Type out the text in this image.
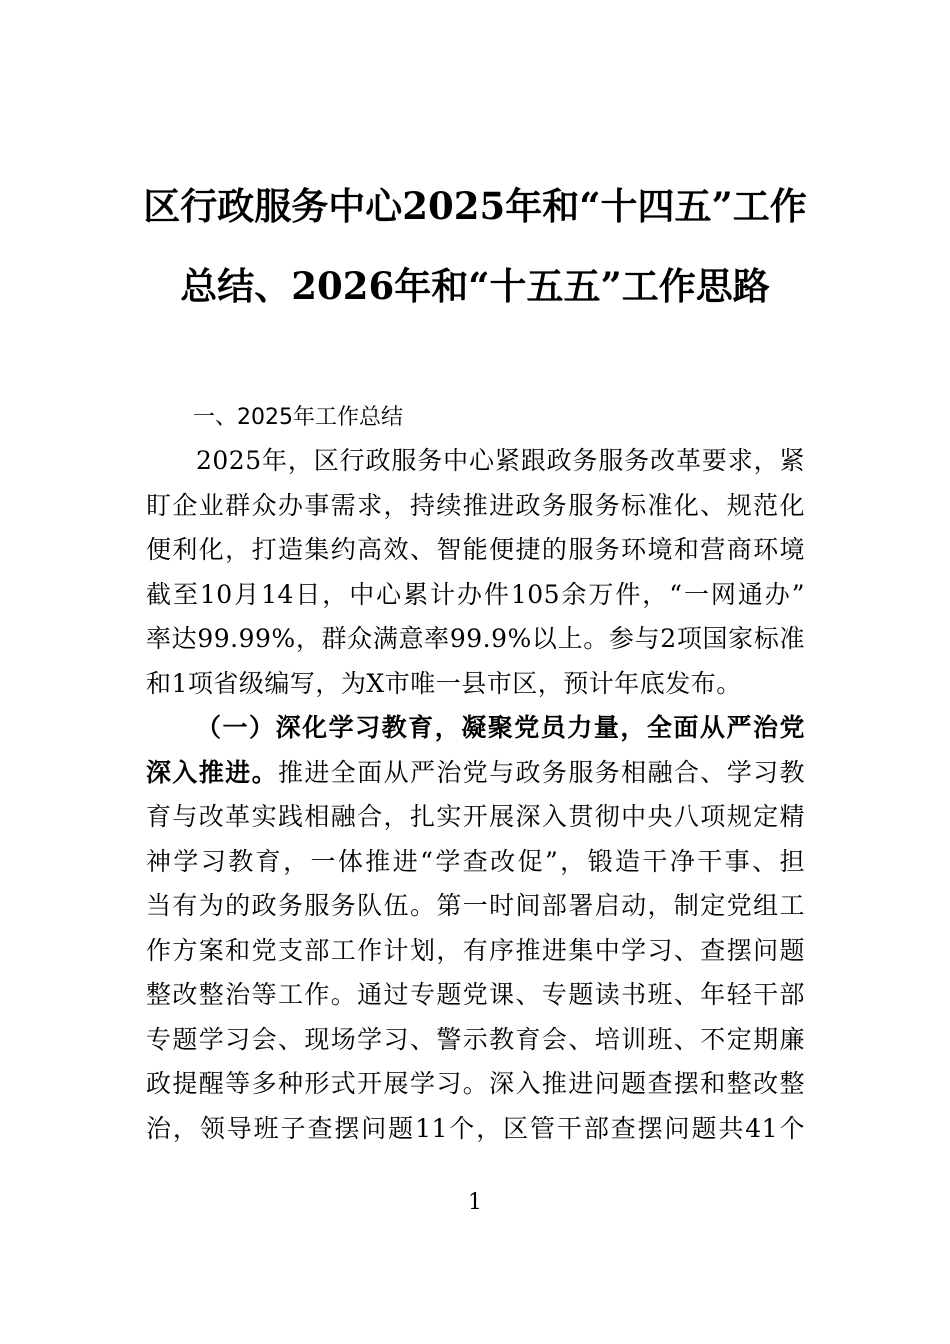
区行政服务中心2025年和“十四五”工作
总结、2026年和“十五五”工作思路

一、2025年工作总结

2025年，区行政服务中心紧跟政务服务改革要求，紧
盯企业群众办事需求，持续推进政务服务标准化、规范化
便利化，打造集约高效、智能便捷的服务环境和营商环境
截至10月14日，中心累计办件105余万件，“一网通办”
率达99.99%，群众满意率99.9%以上。参与2项国家标准
和1项省级编写，为X市唯一县市区，预计年底发布。
（一）深化学习教育，凝聚党员力量，全面从严治党
深入推进。推进全面从严治党与政务服务相融合、学习教
育与改革实践相融合，扎实开展深入贯彻中央八项规定精
神学习教育，一体推进“学查改促”，锻造干净干事、担
当有为的政务服务队伍。第一时间部署启动，制定党组工
作方案和党支部工作计划，有序推进集中学习、查摆问题
整改整治等工作。通过专题党课、专题读书班、年轻干部
专题学习会、现场学习、警示教育会、培训班、不定期廉
政提醒等多种形式开展学习。深入推进问题查摆和整改整
治，领导班子查摆问题11个，区管干部查摆问题共41个
1
